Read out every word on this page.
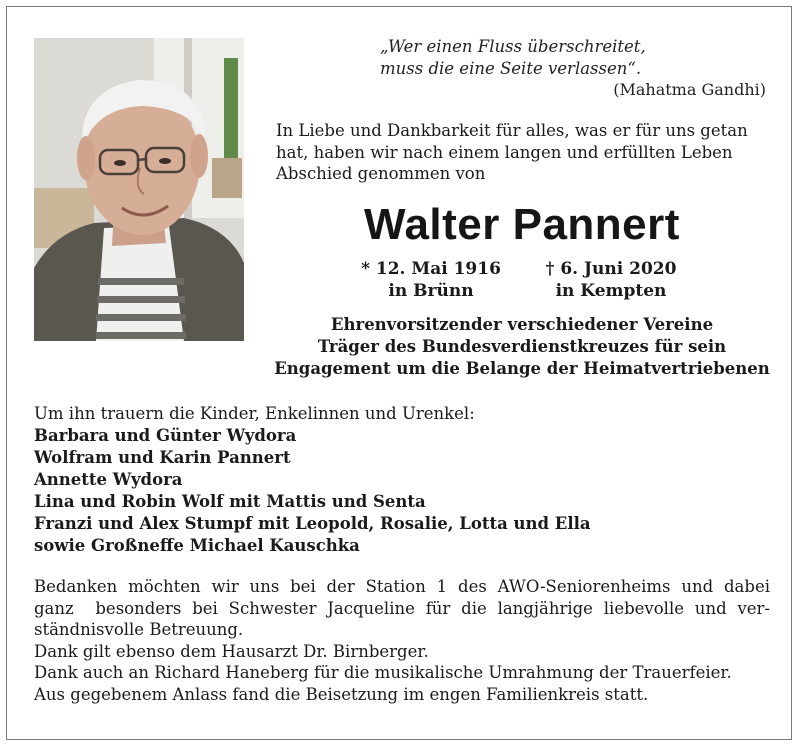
„Wer einen Fluss überschreitet,
muss die eine Seite verlassen“.
(Mahatma Gandhi)
In Liebe und Dankbarkeit für alles, was er für uns getan
hat, haben wir nach einem langen und erfüllten Leben
Abschied genommen von
Walter Pannert
* 12. Mai 1916
in Brünn
† 6. Juni 2020
in Kempten
Ehrenvorsitzender verschiedener Vereine
Träger des Bundesverdienstkreuzes für sein
Engagement um die Belange der Heimatvertriebenen
Um ihn trauern die Kinder, Enkelinnen und Urenkel:
Barbara und Günter Wydora
Wolfram und Karin Pannert
Annette Wydora
Lina und Robin Wolf mit Mattis und Senta
Franzi und Alex Stumpf mit Leopold, Rosalie, Lotta und Ella
sowie Großneffe Michael Kauschka
Bedanken möchten wir uns bei der Station 1 des AWO-Seniorenheims und dabei
ganz  besonders bei Schwester Jacqueline für die langjährige liebevolle und ver-
ständnisvolle Betreuung.
Dank gilt ebenso dem Hausarzt Dr. Birnberger.
Dank auch an Richard Haneberg für die musikalische Umrahmung der Trauerfeier.
Aus gegebenem Anlass fand die Beisetzung im engen Familienkreis statt.
